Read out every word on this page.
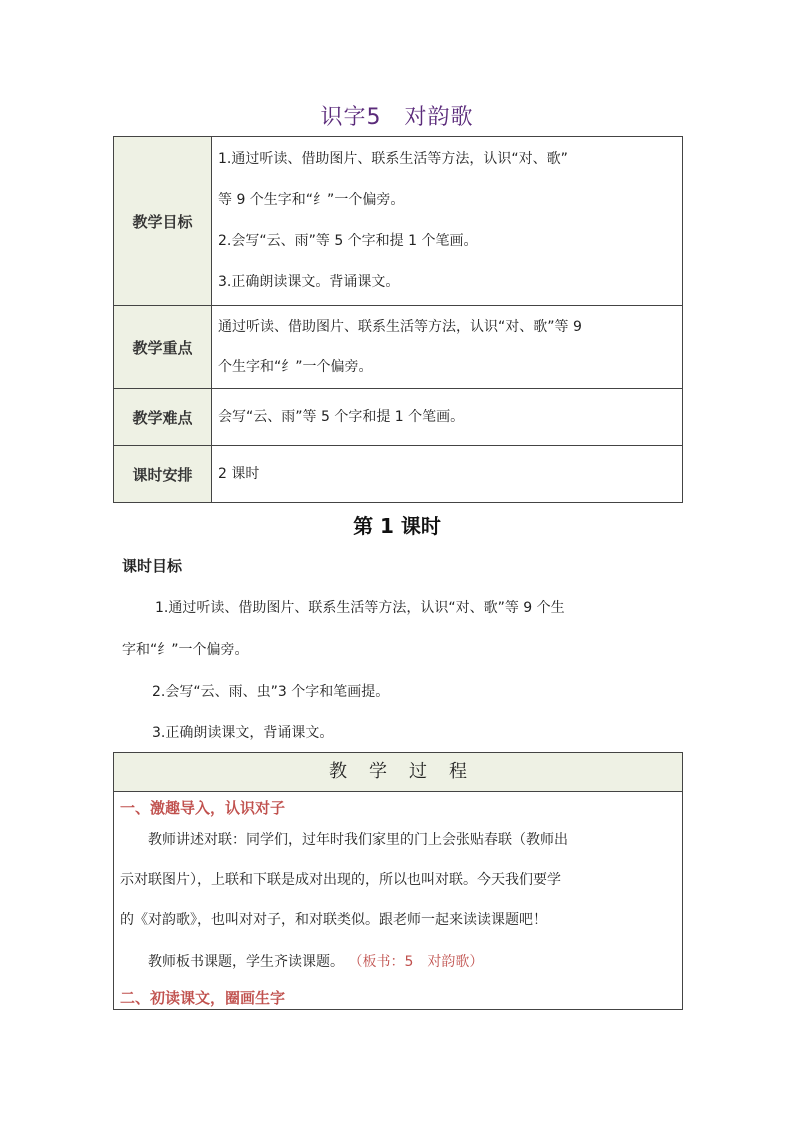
识字5　对韵歌
教学目标	1.通过听读、借助图片、联系生活等方法，认识“对、歌”
等 9 个生字和“纟”一个偏旁。
2.会写“云、雨”等 5 个字和提 1 个笔画。
3.正确朗读课文。背诵课文。

教学重点	通过听读、借助图片、联系生活等方法，认识“对、歌”等 9
个生字和“纟”一个偏旁。

教学难点	会写“云、雨”等 5 个字和提 1 个笔画。

课时安排	2 课时
第 1 课时
课时目标
1.通过听读、借助图片、联系生活等方法，认识“对、歌”等 9 个生
字和“纟”一个偏旁。
2.会写“云、雨、虫”3 个字和笔画提。
3.正确朗读课文，背诵课文。
教学过程
一、激趣导入，认识对子
教师讲述对联：同学们，过年时我们家里的门上会张贴春联（教师出
示对联图片），上联和下联是成对出现的，所以也叫对联。今天我们要学
的《对韵歌》，也叫对对子，和对联类似。跟老师一起来读读课题吧！
教师板书课题，学生齐读课题。 （板书：5　对韵歌）
二、初读课文，圈画生字
